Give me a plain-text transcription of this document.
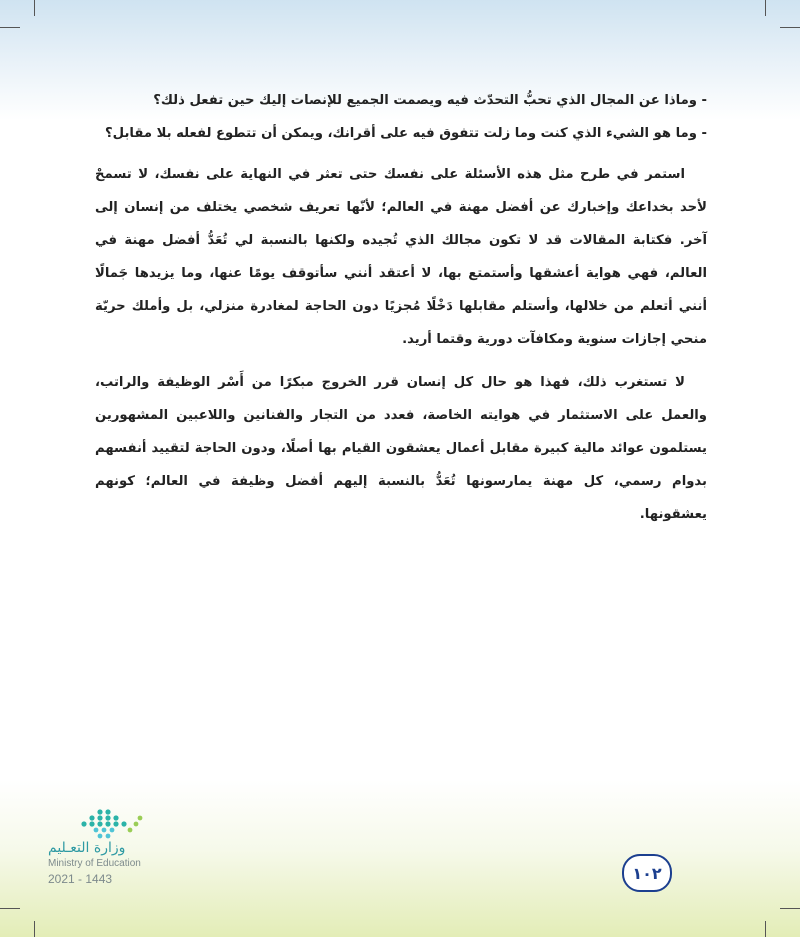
- وماذا عن المجال الذي تحبُّ التحدّث فيه ويصمت الجميع للإنصات إليك حين تفعل ذلك؟

- وما هو الشيء الذي كنت وما زلت تتفوق فيه على أقرانك، ويمكن أن تتطوع لفعله بلا مقابل؟

استمر في طرح مثل هذه الأسئلة على نفسك حتى تعثر في النهاية على نفسك، لا تسمحْ لأحد بخداعك وإخبارك عن أفضل مهنة في العالم؛ لأنّها تعريف شخصي يختلف من إنسان إلى آخر. فكتابة المقالات قد لا تكون مجالك الذي تُجيده ولكنها بالنسبة لي تُعَدُّ أفضل مهنة في العالم، فهي هواية أعشقها وأستمتع بها، لا أعتقد أنني سأتوقف يومًا عنها، وما يزيدها جَمالًا أنني أتعلم من خلالها، وأستلم مقابلها دَخْلًا مُجزيًا دون الحاجة لمغادرة منزلي، بل وأملك حريّة منحي إجازات سنوية ومكافآت دورية وقتما أريد.

لا تستغرب ذلك، فهذا هو حال كل إنسان قرر الخروج مبكرًا من أَسْر الوظيفة والراتب، والعمل على الاستثمار في هوايته الخاصة، فعدد من التجار والفنانين واللاعبين المشهورين يستلمون عوائد مالية كبيرة مقابل أعمال يعشقون القيام بها أصلًا، ودون الحاجة لتقييد أنفسهم بدوام رسمي، كل مهنة يمارسونها تُعَدُّ بالنسبة إليهم أفضل وظيفة في العالم؛ كونهم يعشقونها.

وزارة التعـليم
Ministry of Education
2021 - 1443	١٠٢
